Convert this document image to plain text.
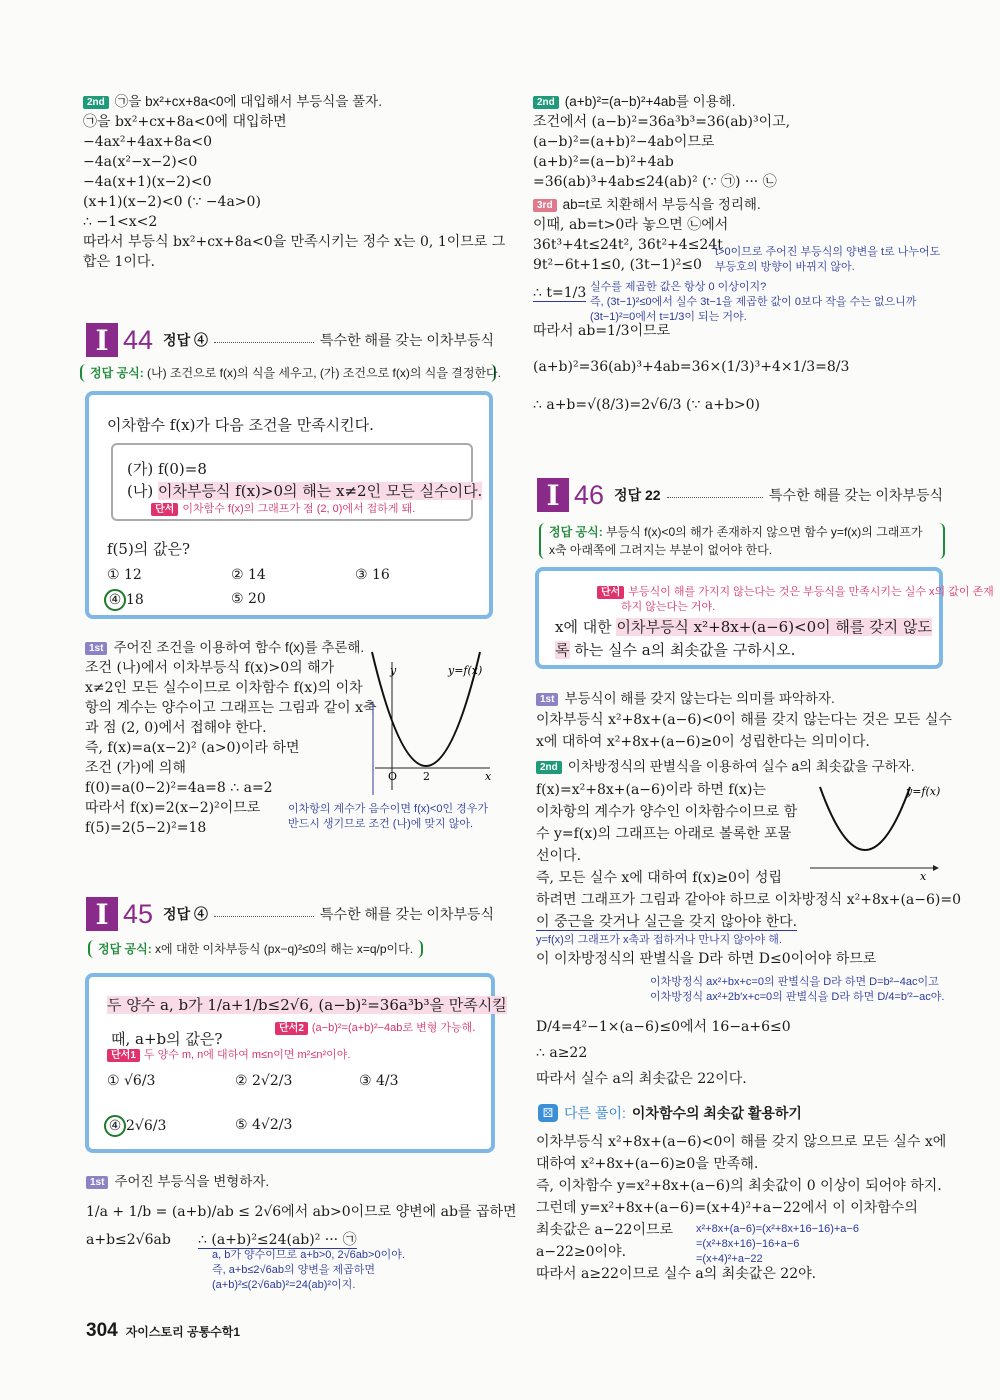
2nd ㉠을 bx²+cx+8a<0에 대입해서 부등식을 풀자.
㉠을 bx²+cx+8a<0에 대입하면
−4ax²+4ax+8a<0
−4a(x²−x−2)<0
−4a(x+1)(x−2)<0
(x+1)(x−2)<0 (∵ −4a>0)
∴ −1<x<2
따라서 부등식 bx²+cx+8a<0을 만족시키는 정수 x는 0, 1이므로 그
합은 1이다.
I 44 정답 ④	특수한 해를 갖는 이차부등식
정답 공식: (나) 조건으로 f(x)의 식을 세우고, (가) 조건으로 f(x)의 식을 결정한다.
이차함수 f(x)가 다음 조건을 만족시킨다.
(가) f(0)=8
(나) 이차부등식 f(x)>0의 해는 x≠2인 모든 실수이다.
단서 이차함수 f(x)의 그래프가 점 (2, 0)에서 접하게 돼.
f(5)의 값은?
① 12	② 14	③ 16
④ 18	⑤ 20
1st 주어진 조건을 이용하여 함수 f(x)를 추론해.
조건 (나)에서 이차부등식 f(x)>0의 해가
x≠2인 모든 실수이므로 이차함수 f(x)의 이차
항의 계수는 양수이고 그래프는 그림과 같이 x축
과 점 (2, 0)에서 접해야 한다.
즉, f(x)=a(x−2)² (a>0)이라 하면
조건 (가)에 의해
f(0)=a(0−2)²=4a=8 ∴ a=2
따라서 f(x)=2(x−2)²이므로
f(5)=2(5−2)²=18
이차항의 계수가 음수이면 f(x)<0인 경우가
반드시 생기므로 조건 (나)에 맞지 않아.
y	y=f(x)
O 2	x
I 45 정답 ④	특수한 해를 갖는 이차부등식
정답 공식: x에 대한 이차부등식 (px−q)²≤0의 해는 x=q/p이다.
두 양수 a, b가 1/a+1/b≤2√6, (a−b)²=36a³b³을 만족시킬
때, a+b의 값은?
단서2 (a−b)²=(a+b)²−4ab로 변형 가능해.
단서1 두 양수 m, n에 대하여 m≤n이면 m²≤n²이야.
① √6/3	② 2√2/3	③ 4/3
④ 2√6/3	⑤ 4√2/3
1st 주어진 부등식을 변형하자.
1/a + 1/b = (a+b)/ab ≤ 2√6에서 ab>0이므로 양변에 ab를 곱하면
a+b≤2√6ab ∴ (a+b)²≤24(ab)² ··· ㉠
a, b가 양수이므로 a+b>0, 2√6ab>0이야.
즉, a+b≤2√6ab의 양변을 제곱하면
(a+b)²≤(2√6ab)²=24(ab)²이지.
304 자이스토리 공통수학1
2nd (a+b)²=(a−b)²+4ab를 이용해.
조건에서 (a−b)²=36a³b³=36(ab)³이고,
(a−b)²=(a+b)²−4ab이므로
(a+b)²=(a−b)²+4ab
=36(ab)³+4ab≤24(ab)² (∵ ㉠) ··· ㉡
3rd ab=t로 치환해서 부등식을 정리해.
이때, ab=t>0라 놓으면 ㉡에서
36t³+4t≤24t², 36t²+4≤24t
9t²−6t+1≤0, (3t−1)²≤0
∴ t=1/3
따라서 ab=1/3이므로
(a+b)²=36(ab)³+4ab=36×(1/3)³+4×1/3=8/3
∴ a+b=√(8/3)=2√6/3 (∵ a+b>0)
t>0이므로 주어진 부등식의 양변을 t로 나누어도
부등호의 방향이 바뀌지 않아.
실수를 제곱한 값은 항상 0 이상이지?
즉, (3t−1)²≤0에서 실수 3t−1을 제곱한 값이 0보다 작을 수는 없으니까
(3t−1)²=0에서 t=1/3이 되는 거야.
I 46 정답 22	특수한 해를 갖는 이차부등식
정답 공식: 부등식 f(x)<0의 해가 존재하지 않으면 함수 y=f(x)의 그래프가
x축 아래쪽에 그려지는 부분이 없어야 한다.
단서 부등식이 해를 가지지 않는다는 것은 부등식을 만족시키는 실수 x의 값이 존재
하지 않는다는 거야.
x에 대한 이차부등식 x²+8x+(a−6)<0이 해를 갖지 않도
록 하는 실수 a의 최솟값을 구하시오.
1st 부등식이 해를 갖지 않는다는 의미를 파악하자.
이차부등식 x²+8x+(a−6)<0이 해를 갖지 않는다는 것은 모든 실수
x에 대하여 x²+8x+(a−6)≥0이 성립한다는 의미이다.
2nd 이차방정식의 판별식을 이용하여 실수 a의 최솟값을 구하자.
f(x)=x²+8x+(a−6)이라 하면 f(x)는
이차항의 계수가 양수인 이차함수이므로 함
수 y=f(x)의 그래프는 아래로 볼록한 포물
선이다.
즉, 모든 실수 x에 대하여 f(x)≥0이 성립
하려면 그래프가 그림과 같아야 하므로 이차방정식 x²+8x+(a−6)=0
이 중근을 갖거나 실근을 갖지 않아야 한다.
y=f(x)의 그래프가 x축과 접하거나 만나지 않아야 해.
이 이차방정식의 판별식을 D라 하면 D≤0이어야 하므로
이차방정식 ax²+bx+c=0의 판별식을 D라 하면 D=b²−4ac이고
이차방정식 ax²+2b′x+c=0의 판별식을 D라 하면 D/4=b′²−ac야.
D/4=4²−1×(a−6)≤0에서 16−a+6≤0
∴ a≥22
따라서 실수 a의 최솟값은 22이다.
x
y=f(x)
⚄ 다른 풀이: 이차함수의 최솟값 활용하기
이차부등식 x²+8x+(a−6)<0이 해를 갖지 않으므로 모든 실수 x에
대하여 x²+8x+(a−6)≥0을 만족해.
즉, 이차함수 y=x²+8x+(a−6)의 최솟값이 0 이상이 되어야 하지.
그런데 y=x²+8x+(a−6)=(x+4)²+a−22에서 이 이차함수의
최솟값은 a−22이므로
a−22≥0이야.
따라서 a≥22이므로 실수 a의 최솟값은 22야.
x²+8x+(a−6)=(x²+8x+16−16)+a−6
=(x²+8x+16)−16+a−6
=(x+4)²+a−22
